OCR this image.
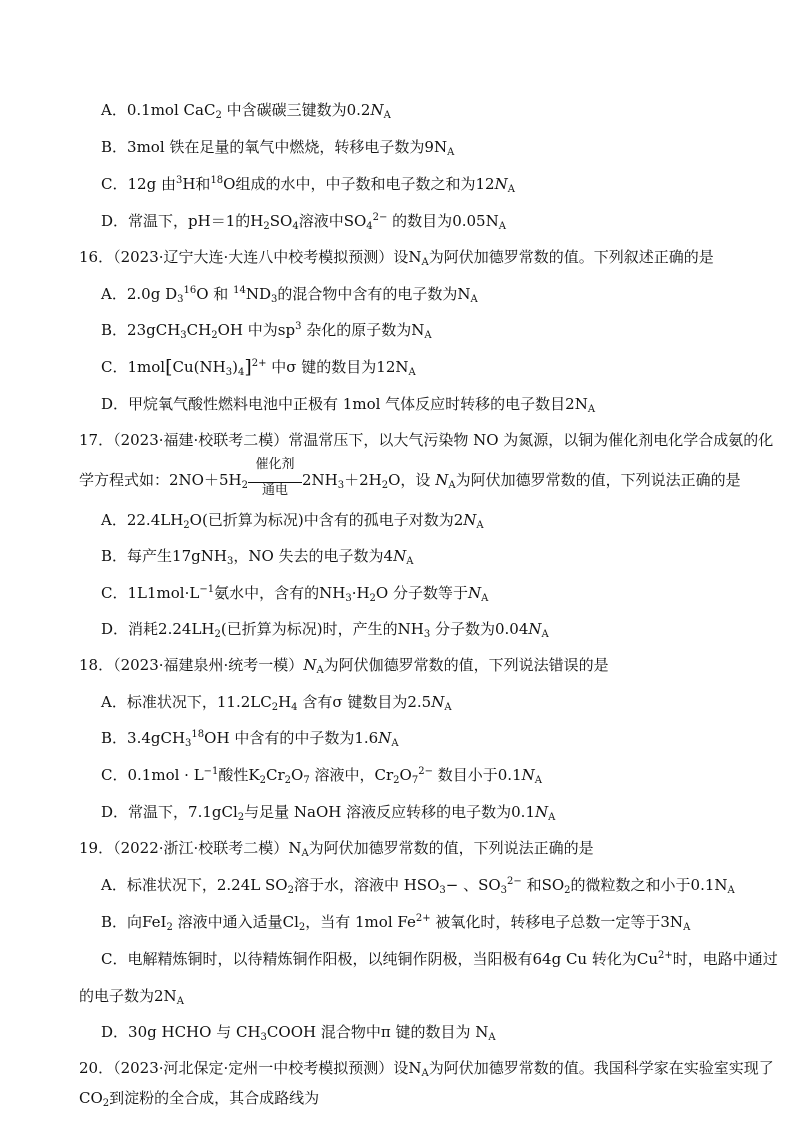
A．0.1mol CaC$_2$ 中含碳碳三键数为$0.2N_A$
B．3mol 铁在足量的氧气中燃烧，转移电子数为$9N_A$
C．12g 由$^3$H和$^{18}$O组成的水中，中子数和电子数之和为$12N_A$
D．常温下，pH＝1的$H_2SO_4$溶液中$SO_4^{2-}$ 的数目为$0.05N_A$
16．（2023·辽宁大连·大连八中校考模拟预测）设$N_A$为阿伏加德罗常数的值。下列叙述正确的是
A．2.0g $D_3^{16}O$ 和 $^{14}ND_3$的混合物中含有的电子数为$N_A$
B．$23gCH_3CH_2OH$ 中为$sp^3$ 杂化的原子数为$N_A$
C．$1mol[Cu(NH_3)_4]^{2+}$ 中σ 键的数目为$12N_A$
D．甲烷氧气酸性燃料电池中正极有 1mol 气体反应时转移的电子数目$2N_A$
17．（2023·福建·校联考二模）常温常压下，以大气污染物 NO 为氮源，以铜为催化剂电化学合成氨的化
学方程式如：$2NO+5H_2$
催化剂
通电
$2NH_3+2H_2O$，设 $N_A$为阿伏加德罗常数的值，下列说法正确的是
A．$22.4LH_2O$(已折算为标况)中含有的孤电子对数为$2N_A$
B．每产生17gNH$_3$，NO 失去的电子数为$4N_A$
C．$1L1mol\cdot L^{-1}$氨水中，含有的$NH_3\cdot H_2O$ 分子数等于$N_A$
D．消耗$2.24LH_2$(已折算为标况)时，产生的$NH_3$ 分子数为$0.04N_A$
18．（2023·福建泉州·统考一模）$N_A$为阿伏伽德罗常数的值，下列说法错误的是
A．标准状况下，$11.2LC_2H_4$ 含有σ 键数目为$2.5N_A$
B．3.4gCH$_3^{18}$OH 中含有的中子数为$1.6N_A$
C．$0.1mol \cdot L^{-1}$酸性$K_2Cr_2O_7$ 溶液中，$Cr_2O_7^{2-}$ 数目小于$0.1N_A$
D．常温下，7.1gCl$_2$与足量 NaOH 溶液反应转移的电子数为$0.1N_A$
19．（2022·浙江·校联考二模）$N_A$为阿伏加德罗常数的值，下列说法正确的是
A．标准状况下，2.24L $SO_2$溶于水，溶液中 $HSO_3-$ 、$SO_3^{2-}$ 和$SO_2$的微粒数之和小于$0.1N_A$
B．向FeI$_2$ 溶液中通入适量$Cl_2$，当有 1mol $Fe^{2+}$ 被氧化时，转移电子总数一定等于$3N_A$
C．电解精炼铜时，以待精炼铜作阳极，以纯铜作阴极，当阳极有64g Cu 转化为$Cu^{2+}$时，电路中通过
的电子数为$2N_A$
D．30g HCHO 与 $CH_3COOH$ 混合物中π 键的数目为 $N_A$
20．（2023·河北保定·定州一中校考模拟预测）设$N_A$为阿伏加德罗常数的值。我国科学家在实验室实现了
$CO_2$到淀粉的全合成，其合成路线为
